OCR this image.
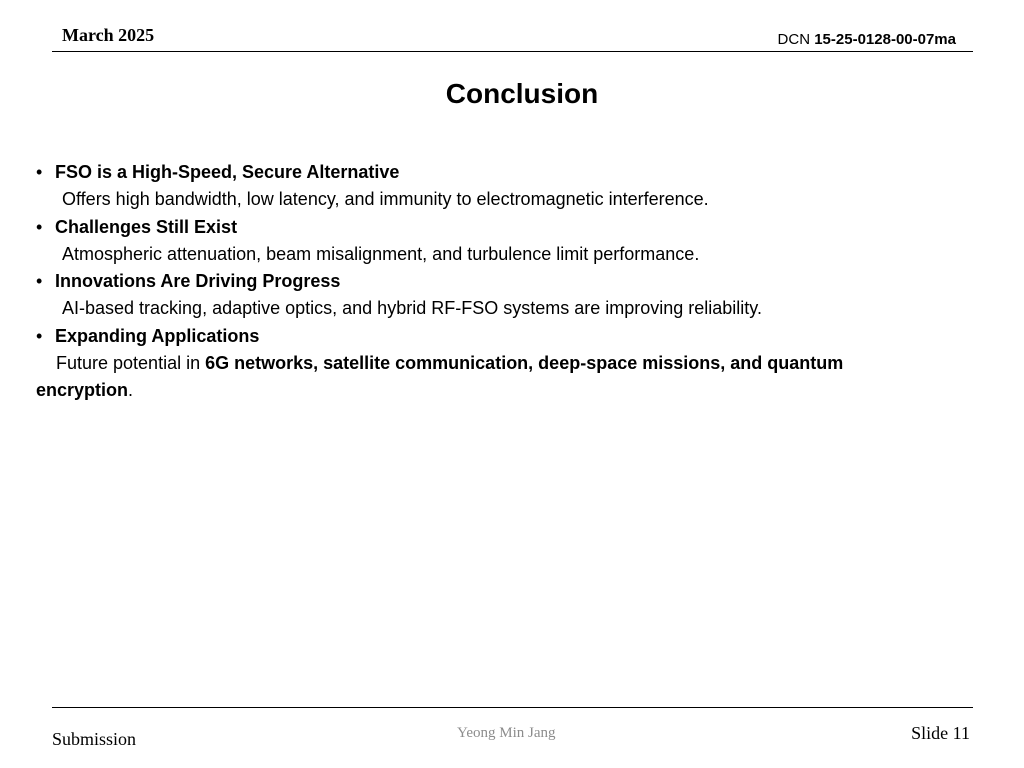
March 2025	DCN 15-25-0128-00-07ma
Conclusion
• FSO is a High-Speed, Secure Alternative
Offers high bandwidth, low latency, and immunity to electromagnetic interference.
• Challenges Still Exist
Atmospheric attenuation, beam misalignment, and turbulence limit performance.
• Innovations Are Driving Progress
AI-based tracking, adaptive optics, and hybrid RF-FSO systems are improving reliability.
• Expanding Applications
Future potential in 6G networks, satellite communication, deep-space missions, and quantum
encryption.
Submission	Yeong Min Jang	Slide 11
